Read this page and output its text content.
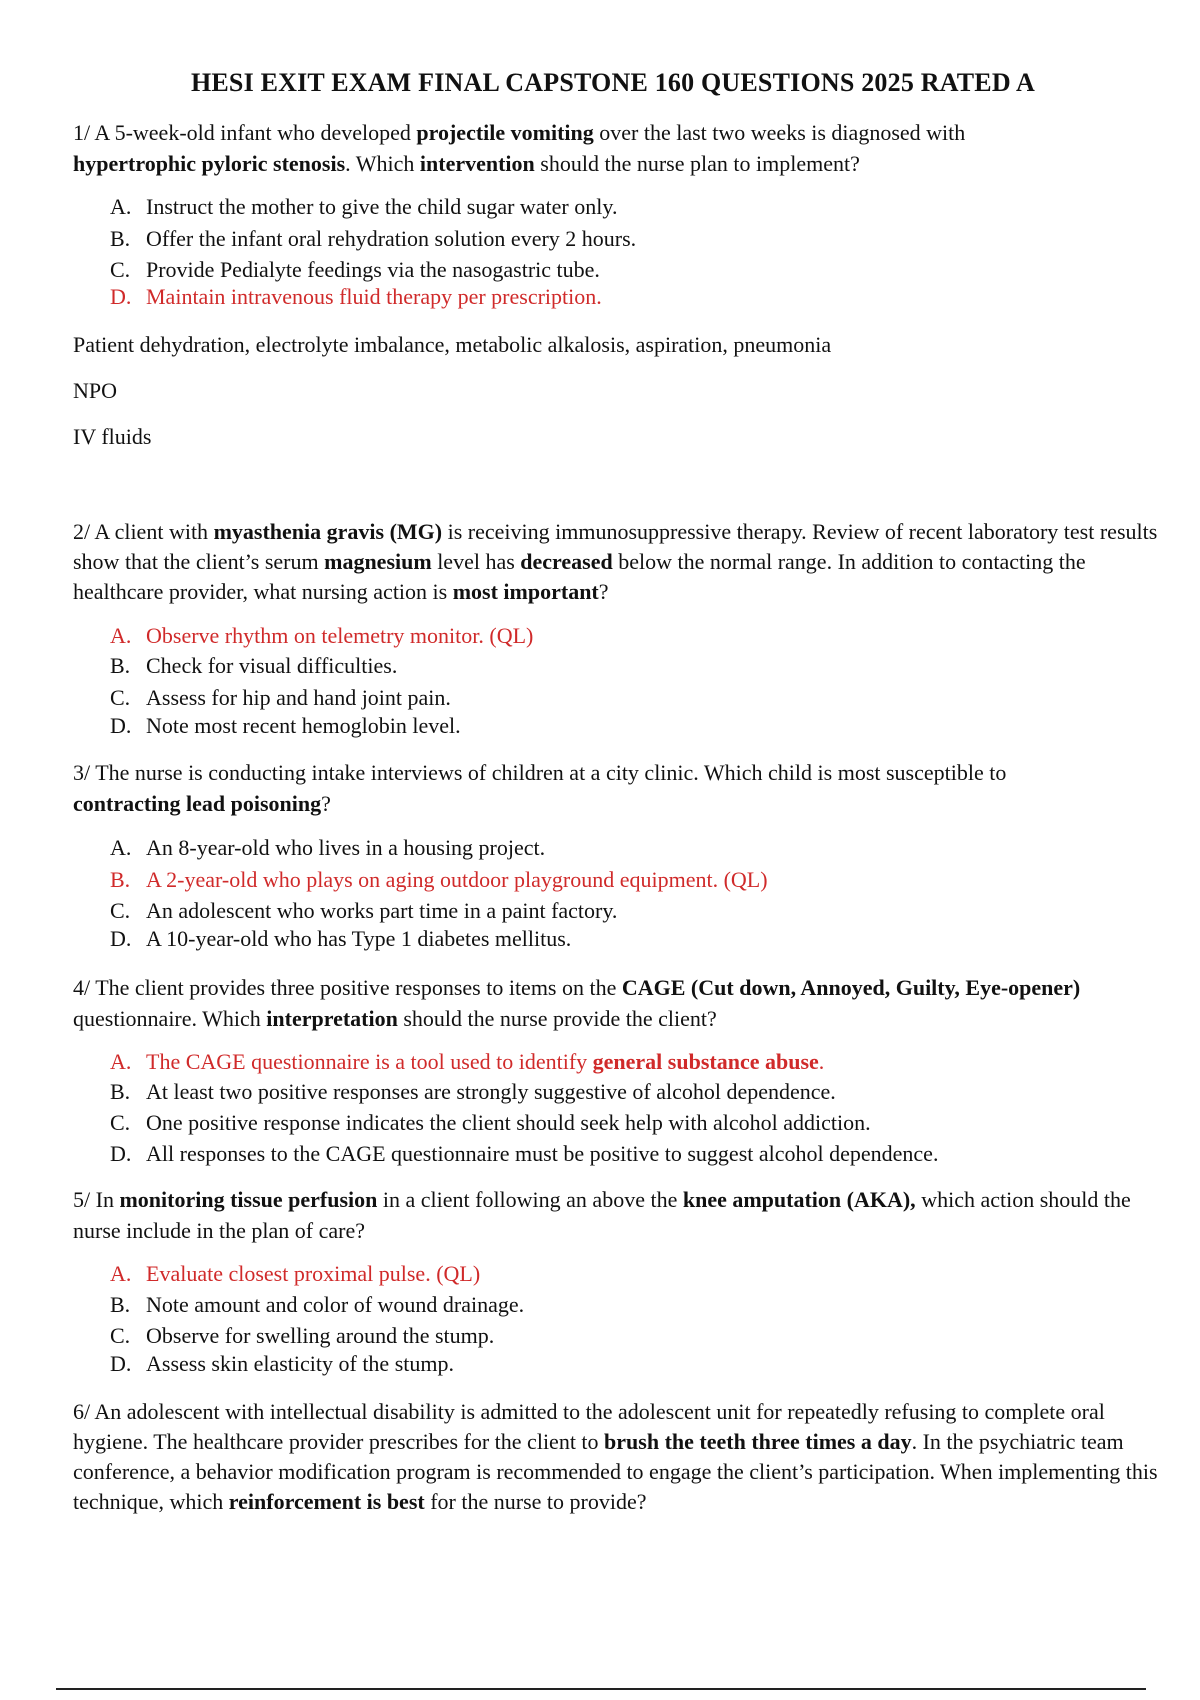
HESI EXIT EXAM FINAL CAPSTONE 160 QUESTIONS 2025 RATED A
1/ A 5-week-old infant who developed projectile vomiting over the last two weeks is diagnosed with
hypertrophic pyloric stenosis. Which intervention should the nurse plan to implement?
A. Instruct the mother to give the child sugar water only.
B. Offer the infant oral rehydration solution every 2 hours.
C. Provide Pedialyte feedings via the nasogastric tube.
D. Maintain intravenous fluid therapy per prescription.
Patient dehydration, electrolyte imbalance, metabolic alkalosis, aspiration, pneumonia
NPO
IV fluids
2/ A client with myasthenia gravis (MG) is receiving immunosuppressive therapy. Review of recent laboratory test results show that the client’s serum magnesium level has decreased below the normal range. In addition to contacting the healthcare provider, what nursing action is most important?
A. Observe rhythm on telemetry monitor. (QL)
B. Check for visual difficulties.
C. Assess for hip and hand joint pain.
D. Note most recent hemoglobin level.
3/ The nurse is conducting intake interviews of children at a city clinic. Which child is most susceptible to
contracting lead poisoning?
A. An 8-year-old who lives in a housing project.
B. A 2-year-old who plays on aging outdoor playground equipment. (QL)
C. An adolescent who works part time in a paint factory.
D. A 10-year-old who has Type 1 diabetes mellitus.
4/ The client provides three positive responses to items on the CAGE (Cut down, Annoyed, Guilty, Eye-opener) questionnaire. Which interpretation should the nurse provide the client?
A. The CAGE questionnaire is a tool used to identify general substance abuse.
B. At least two positive responses are strongly suggestive of alcohol dependence.
C. One positive response indicates the client should seek help with alcohol addiction.
D. All responses to the CAGE questionnaire must be positive to suggest alcohol dependence.
5/ In monitoring tissue perfusion in a client following an above the knee amputation (AKA), which action should the nurse include in the plan of care?
A. Evaluate closest proximal pulse. (QL)
B. Note amount and color of wound drainage.
C. Observe for swelling around the stump.
D. Assess skin elasticity of the stump.
6/ An adolescent with intellectual disability is admitted to the adolescent unit for repeatedly refusing to complete oral hygiene. The healthcare provider prescribes for the client to brush the teeth three times a day. In the psychiatric team conference, a behavior modification program is recommended to engage the client’s participation. When implementing this technique, which reinforcement is best for the nurse to provide?
